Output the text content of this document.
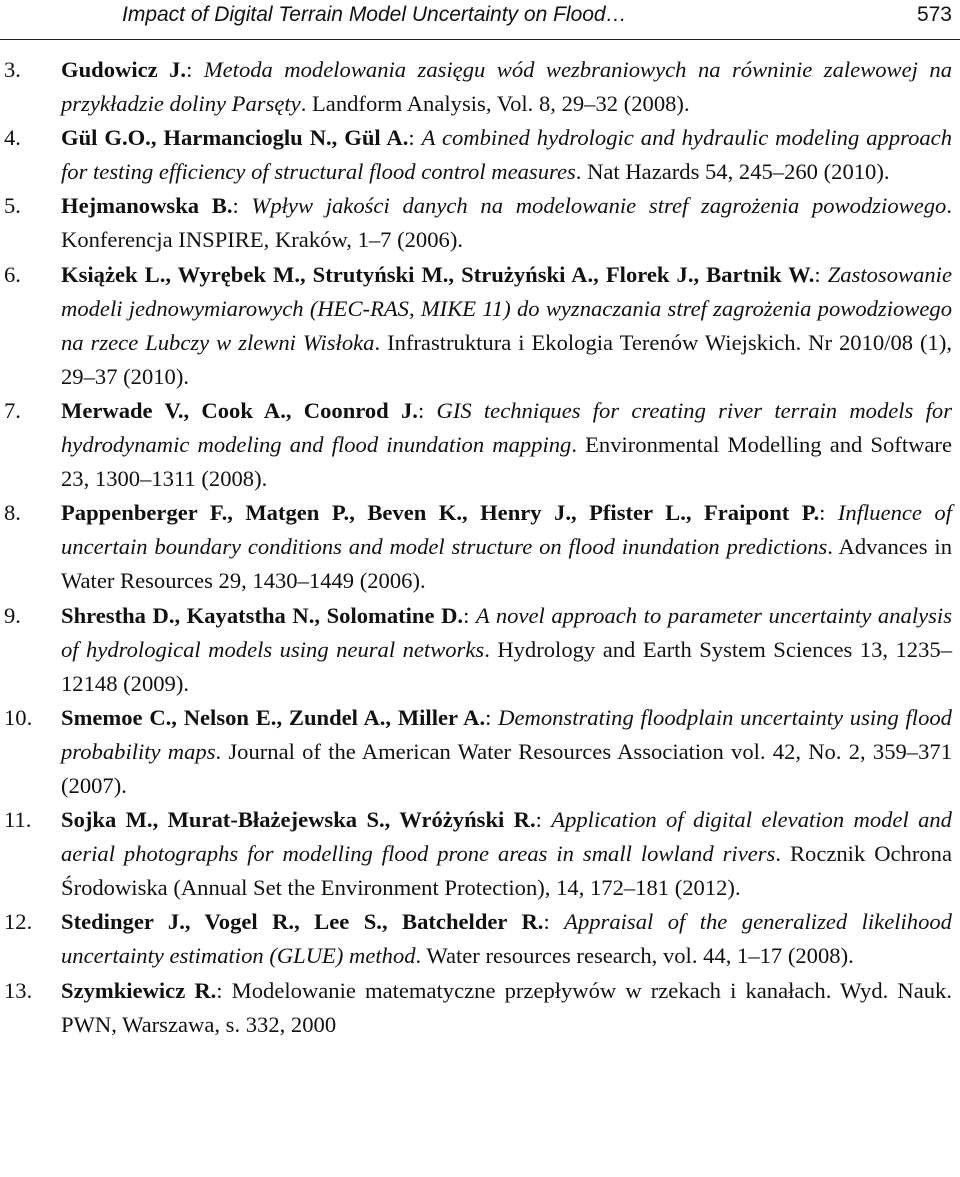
Impact of Digital Terrain Model Uncertainty on Flood…	573
3. Gudowicz J.: Metoda modelowania zasięgu wód wezbraniowych na równinie zalewowej na przykładzie doliny Parsęty. Landform Analysis, Vol. 8, 29–32 (2008).
4. Gül G.O., Harmancioglu N., Gül A.: A combined hydrologic and hydraulic modeling approach for testing efficiency of structural flood control measures. Nat Hazards 54, 245–260 (2010).
5. Hejmanowska B.: Wpływ jakości danych na modelowanie stref zagrożenia powodziowego. Konferencja INSPIRE, Kraków, 1–7 (2006).
6. Książek L., Wyrębek M., Strutyński M., Strużyński A., Florek J., Bartnik W.: Zastosowanie modeli jednowymiarowych (HEC-RAS, MIKE 11) do wyznaczania stref zagrożenia powodziowego na rzece Lubczy w zlewni Wisłoka. Infrastruktura i Ekologia Terenów Wiejskich. Nr 2010/08 (1), 29–37 (2010).
7. Merwade V., Cook A., Coonrod J.: GIS techniques for creating river terrain models for hydrodynamic modeling and flood inundation mapping. Environmental Modelling and Software 23, 1300–1311 (2008).
8. Pappenberger F., Matgen P., Beven K., Henry J., Pfister L., Fraipont P.: Influence of uncertain boundary conditions and model structure on flood inundation predictions. Advances in Water Resources 29, 1430–1449 (2006).
9. Shrestha D., Kayatstha N., Solomatine D.: A novel approach to parameter uncertainty analysis of hydrological models using neural networks. Hydrology and Earth System Sciences 13, 1235–12148 (2009).
10. Smemoe C., Nelson E., Zundel A., Miller A.: Demonstrating floodplain uncertainty using flood probability maps. Journal of the American Water Resources Association vol. 42, No. 2, 359–371 (2007).
11. Sojka M., Murat-Błażejewska S., Wróżyński R.: Application of digital elevation model and aerial photographs for modelling flood prone areas in small lowland rivers. Rocznik Ochrona Środowiska (Annual Set the Environment Protection), 14, 172–181 (2012).
12. Stedinger J., Vogel R., Lee S., Batchelder R.: Appraisal of the generalized likelihood uncertainty estimation (GLUE) method. Water resources research, vol. 44, 1–17 (2008).
13. Szymkiewicz R.: Modelowanie matematyczne przepływów w rzekach i kanałach. Wyd. Nauk. PWN, Warszawa, s. 332, 2000
